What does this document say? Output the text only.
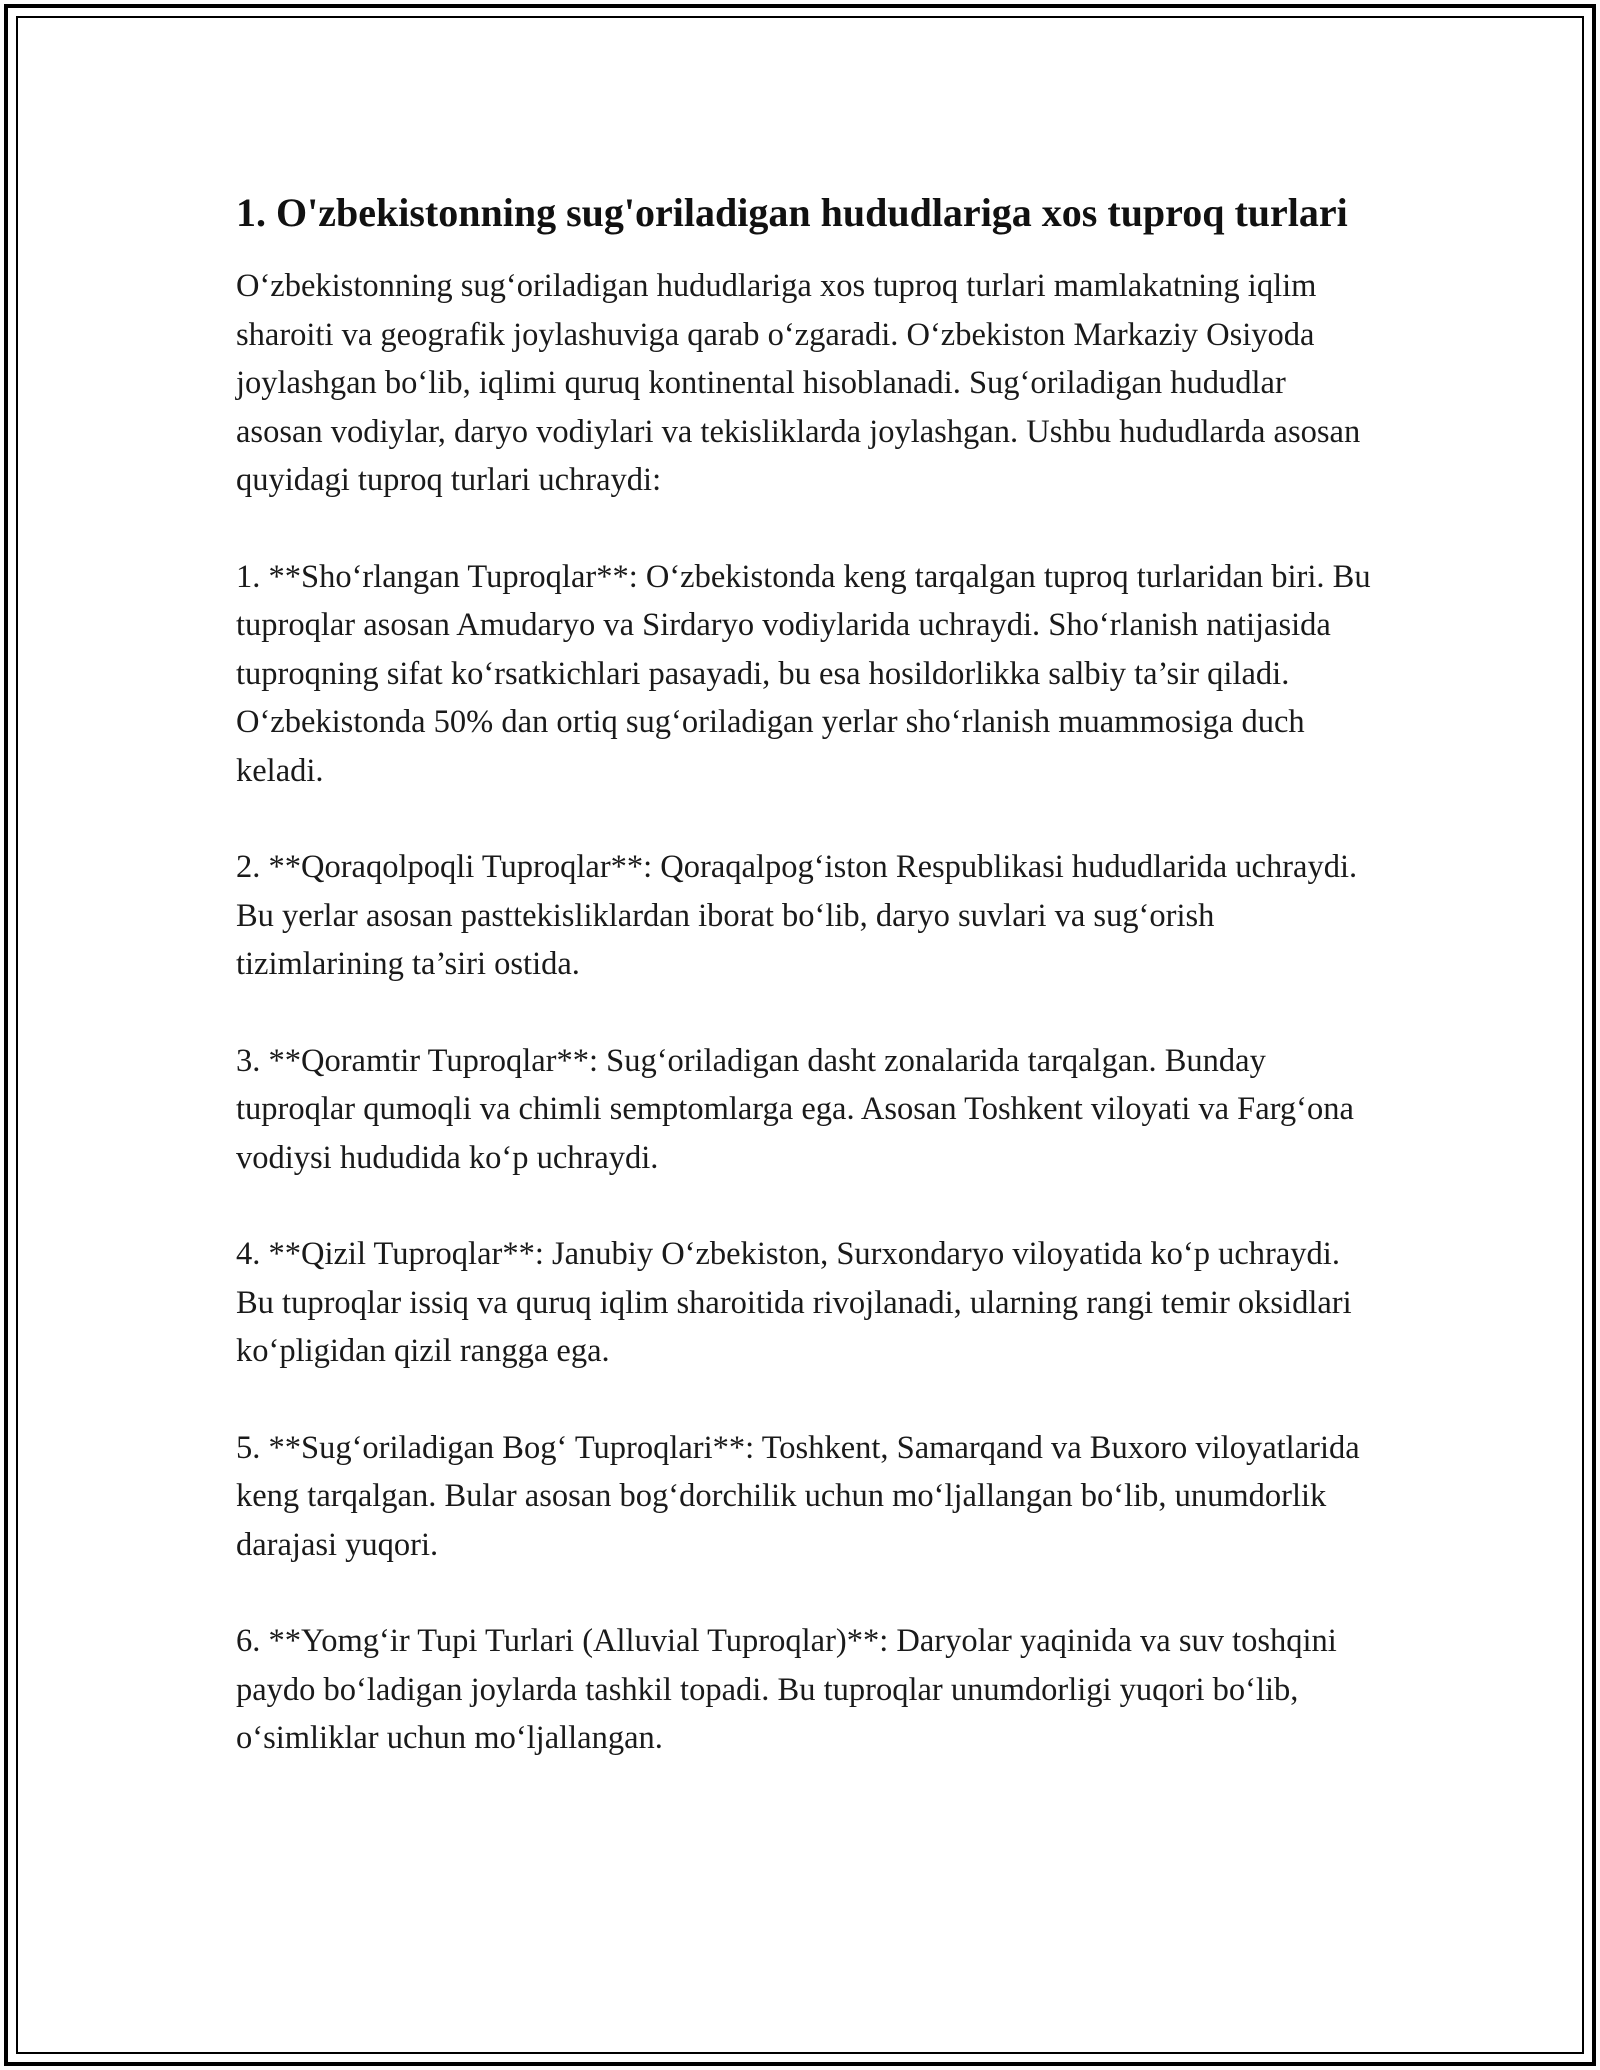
1. O'zbekistonning sug'oriladigan hududlariga xos tuproq turlari

O‘zbekistonning sug‘oriladigan hududlariga xos tuproq turlari mamlakatning iqlim sharoiti va geografik joylashuviga qarab o‘zgaradi. O‘zbekiston Markaziy Osiyoda joylashgan bo‘lib, iqlimi quruq kontinental hisoblanadi. Sug‘oriladigan hududlar asosan vodiylar, daryo vodiylari va tekisliklarda joylashgan. Ushbu hududlarda asosan quyidagi tuproq turlari uchraydi:

1. **Sho‘rlangan Tuproqlar**: O‘zbekistonda keng tarqalgan tuproq turlaridan biri. Bu tuproqlar asosan Amudaryo va Sirdaryo vodiylarida uchraydi. Sho‘rlanish natijasida tuproqning sifat ko‘rsatkichlari pasayadi, bu esa hosildorlikka salbiy ta’sir qiladi. O‘zbekistonda 50% dan ortiq sug‘oriladigan yerlar sho‘rlanish muammosiga duch keladi.

2. **Qoraqolpoqli Tuproqlar**: Qoraqalpog‘iston Respublikasi hududlarida uchraydi. Bu yerlar asosan pasttekisliklardan iborat bo‘lib, daryo suvlari va sug‘orish tizimlarining ta’siri ostida.

3. **Qoramtir Tuproqlar**: Sug‘oriladigan dasht zonalarida tarqalgan. Bunday tuproqlar qumoqli va chimli semptomlarga ega. Asosan Toshkent viloyati va Farg‘ona vodiysi hududida ko‘p uchraydi.

4. **Qizil Tuproqlar**: Janubiy O‘zbekiston, Surxondaryo viloyatida ko‘p uchraydi. Bu tuproqlar issiq va quruq iqlim sharoitida rivojlanadi, ularning rangi temir oksidlari ko‘pligidan qizil rangga ega.

5. **Sug‘oriladigan Bog‘ Tuproqlari**: Toshkent, Samarqand va Buxoro viloyatlarida keng tarqalgan. Bular asosan bog‘dorchilik uchun mo‘ljallangan bo‘lib, unumdorlik darajasi yuqori.

6. **Yomg‘ir Tupi Turlari (Alluvial Tuproqlar)**: Daryolar yaqinida va suv toshqini paydo bo‘ladigan joylarda tashkil topadi. Bu tuproqlar unumdorligi yuqori bo‘lib, o‘simliklar uchun mo‘ljallangan.
